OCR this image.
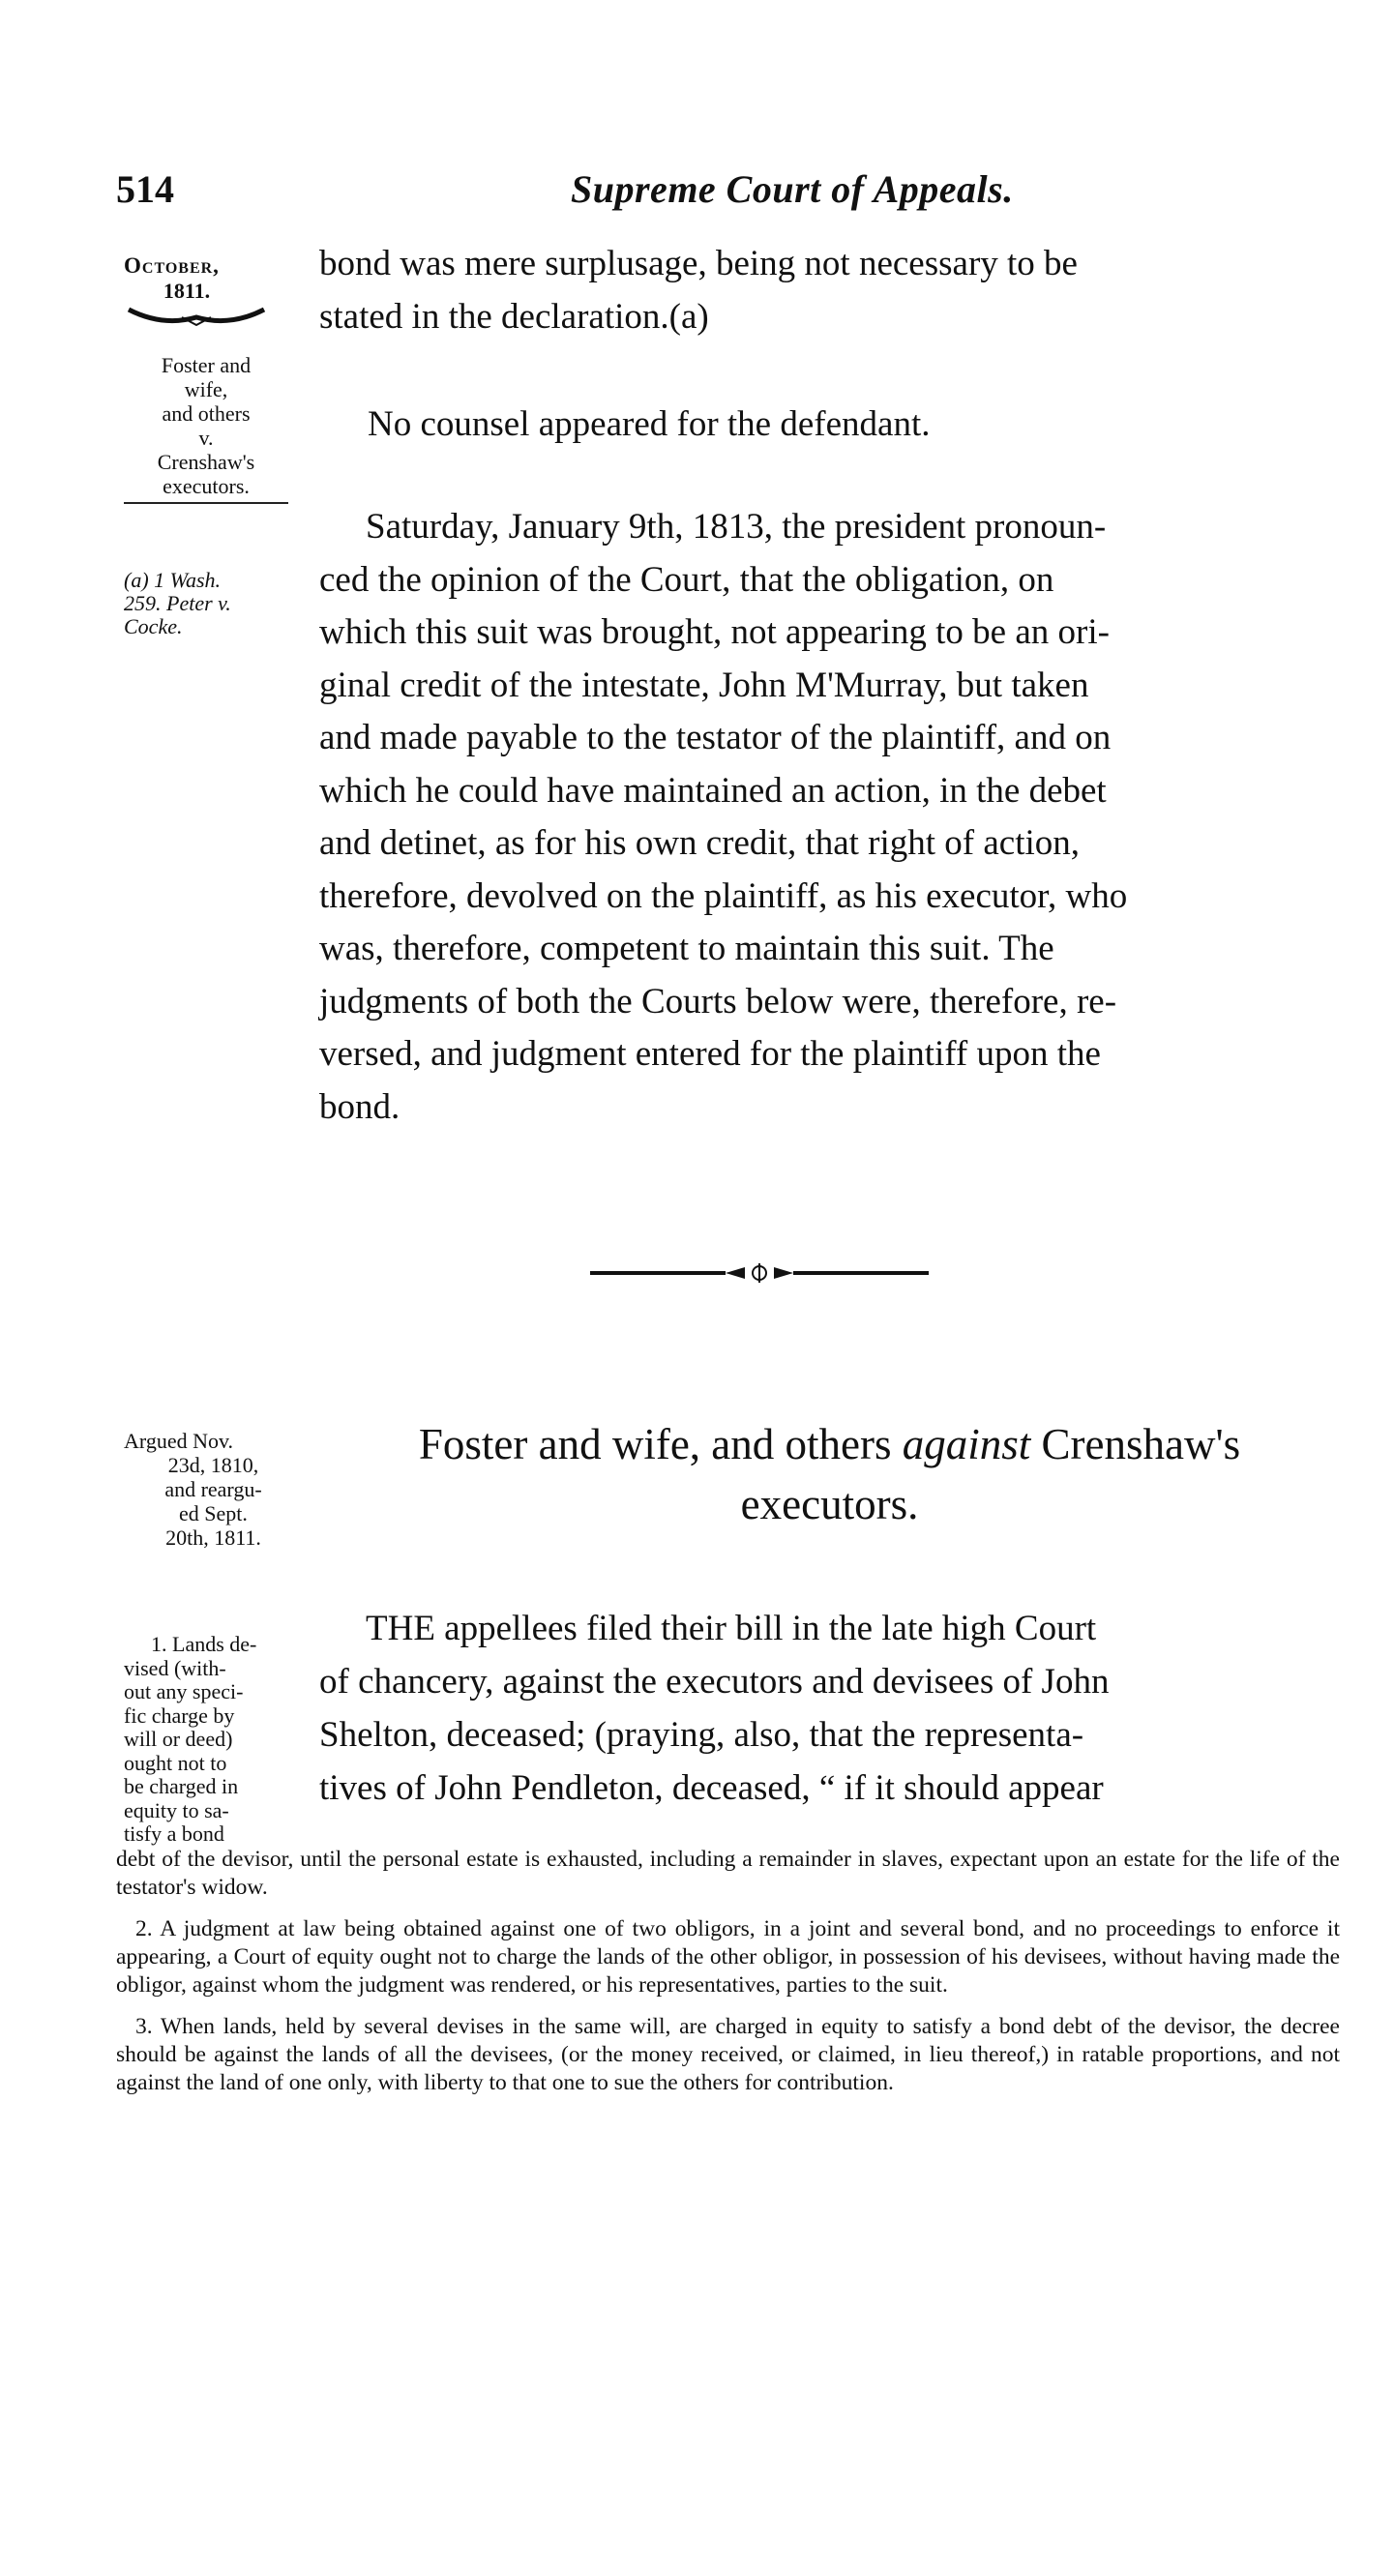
514	Supreme Court of Appeals.
October,
1811.
Foster and
wife,
and others
v.
Crenshaw's
executors.
(a) 1 Wash.
259. Peter v.
Cocke.
bond was mere surplusage, being not necessary to be
stated in the declaration.(a)
No counsel appeared for the defendant.
Saturday, January 9th, 1813, the president pronoun-
ced the opinion of the Court, that the obligation, on
which this suit was brought, not appearing to be an ori-
ginal credit of the intestate, John M'Murray, but taken
and made payable to the testator of the plaintiff, and on
which he could have maintained an action, in the debet
and detinet, as for his own credit, that right of action,
therefore, devolved on the plaintiff, as his executor, who
was, therefore, competent to maintain this suit. The
judgments of both the Courts below were, therefore, re-
versed, and judgment entered for the plaintiff upon the
bond.
Argued Nov.
23d, 1810,
and reargu-
ed Sept.
20th, 1811.
Foster and wife, and others against Crenshaw's
executors.
1. Lands de-
vised (with-
out any speci-
fic charge by
will or deed)
ought not to
be charged in
equity to sa-
tisfy a bond
THE appellees filed their bill in the late high Court
of chancery, against the executors and devisees of John
Shelton, deceased; (praying, also, that the representa-
tives of John Pendleton, deceased, “ if it should appear

debt of the devisor, until the personal estate is exhausted, including a remainder in slaves, expectant upon an estate for the life of the testator's widow.

2. A judgment at law being obtained against one of two obligors, in a joint and several bond, and no proceedings to enforce it appearing, a Court of equity ought not to charge the lands of the other obligor, in possession of his devisees, without having made the obligor, against whom the judgment was rendered, or his representatives, parties to the suit.

3. When lands, held by several devises in the same will, are charged in equity to satisfy a bond debt of the devisor, the decree should be against the lands of all the devisees, (or the money received, or claimed, in lieu thereof,) in ratable proportions, and not against the land of one only, with liberty to that one to sue the others for contribution.
